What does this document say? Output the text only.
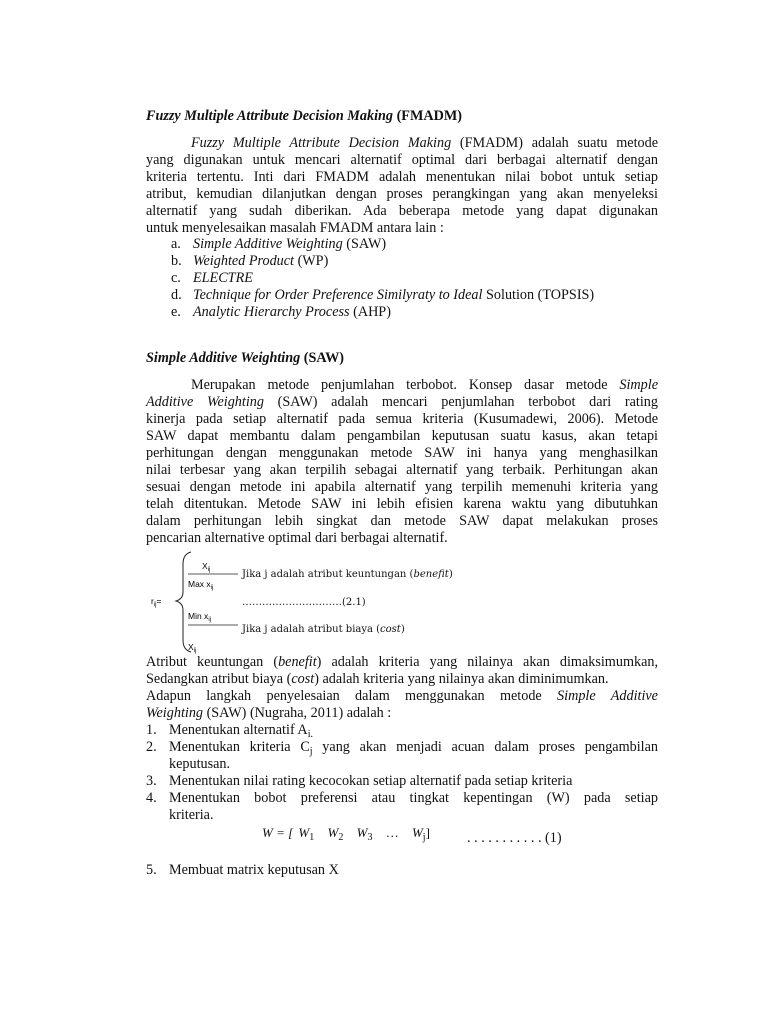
Fuzzy Multiple Attribute Decision Making (FMADM)
Fuzzy Multiple Attribute Decision Making (FMADM) adalah suatu metode
yang digunakan untuk mencari alternatif optimal dari berbagai alternatif dengan
kriteria tertentu. Inti dari FMADM adalah menentukan nilai bobot untuk setiap
atribut, kemudian dilanjutkan dengan proses perangkingan yang akan menyeleksi
alternatif yang sudah diberikan. Ada beberapa metode yang dapat digunakan
untuk menyelesaikan masalah FMADM antara lain :
a. Simple Additive Weighting (SAW)
b. Weighted Product (WP)
c. ELECTRE
d. Technique for Order Preference Similyraty to Ideal Solution (TOPSIS)
e. Analytic Hierarchy Process (AHP)
Simple Additive Weighting (SAW)
Merupakan metode penjumlahan terbobot. Konsep dasar metode Simple
Additive Weighting (SAW) adalah mencari penjumlahan terbobot dari rating
kinerja pada setiap alternatif pada semua kriteria (Kusumadewi, 2006). Metode
SAW dapat membantu dalam pengambilan keputusan suatu kasus, akan tetapi
perhitungan dengan menggunakan metode SAW ini hanya yang menghasilkan
nilai terbesar yang akan terpilih sebagai alternatif yang terbaik. Perhitungan akan
sesuai dengan metode ini apabila alternatif yang terpilih memenuhi kriteria yang
telah ditentukan. Metode SAW ini lebih efisien karena waktu yang dibutuhkan
dalam perhitungan lebih singkat dan metode SAW dapat melakukan proses
pencarian alternative optimal dari berbagai alternatif.
$r_{ij}=$
$X_{ij}$
Max $x_{ij}$
Min $x_{ij}$
$X_{ij}$
Jika j adalah atribut keuntungan (benefit)
…………………………(2.1)
Jika j adalah atribut biaya (cost)
Atribut keuntungan (benefit) adalah kriteria yang nilainya akan dimaksimumkan,
Sedangkan atribut biaya (cost) adalah kriteria yang nilainya akan diminimumkan.
Adapun langkah penyelesaian dalam menggunakan metode Simple Additive
Weighting (SAW) (Nugraha, 2011) adalah :
1. Menentukan alternatif $A_{i.}$
2. Menentukan kriteria $C_j$ yang akan menjadi acuan dalam proses pengambilan
keputusan.
3. Menentukan nilai rating kecocokan setiap alternatif pada setiap kriteria
4. Menentukan bobot preferensi atau tingkat kepentingan (W) pada setiap
kriteria.
W = [ $W_1$ $W_2$ $W_3$ … $W_j$]	. . . . . . . . . . . (1)
5. Membuat matrix keputusan X
